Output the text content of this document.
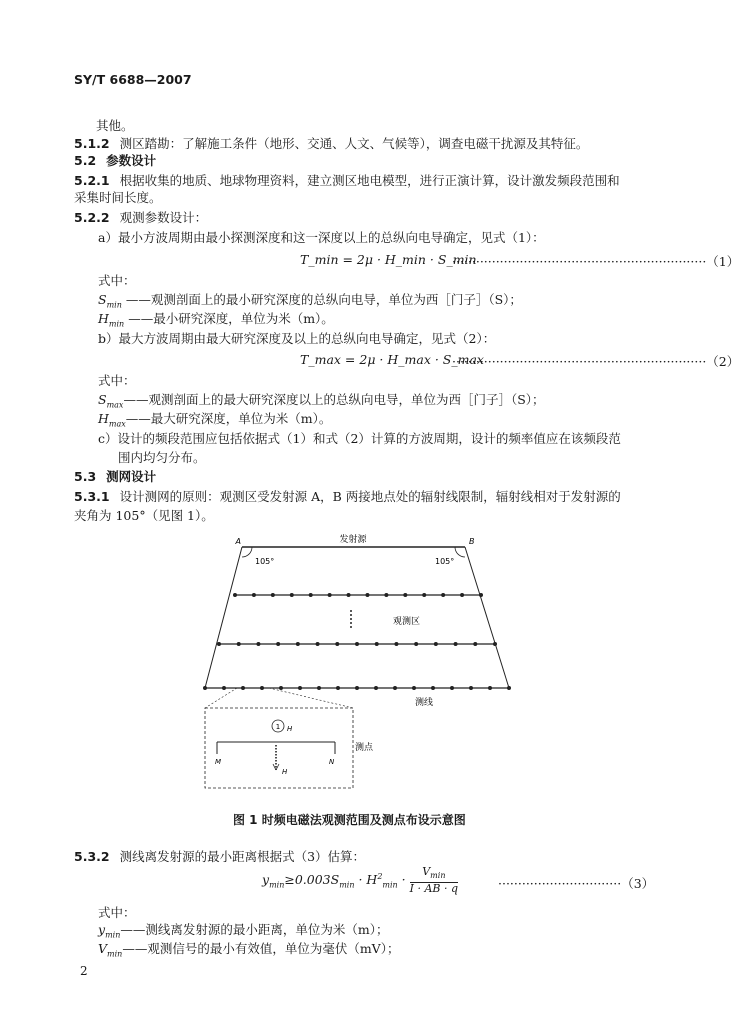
SY/T 6688—2007
其他。
5.1.2 测区踏勘：了解施工条件（地形、交通、人文、气候等），调查电磁干扰源及其特征。
5.2 参数设计
5.2.1 根据收集的地质、地球物理资料，建立测区地电模型，进行正演计算，设计激发频段范围和
采集时间长度。
5.2.2 观测参数设计：
a）最小方波周期由最小探测深度和这一深度以上的总纵向电导确定，见式（1）：
T_min = 2μ · H_min · S_min
································································（1）
式中：
$S_{min}$ ——观测剖面上的最小研究深度的总纵向电导，单位为西［门子］（S）；
$H_{min}$ ——最小研究深度，单位为米（m）。
b）最大方波周期由最大研究深度及以上的总纵向电导确定，见式（2）：
T_max = 2μ · H_max · S_max
································································（2）
式中：
$S_{max}——$观测剖面上的最大研究深度以上的总纵向电导，单位为西［门子］（S）；
$H_{max}——$最大研究深度，单位为米（m）。
c）设计的频段范围应包括依据式（1）和式（2）计算的方波周期，设计的频率值应在该频段范
围内均匀分布。
5.3 测网设计
5.3.1 设计测网的原则：观测区受发射源 A，B 两接地点处的辐射线限制，辐射线相对于发射源的
夹角为 105°（见图 1）。
A	B
发射源
105°	105°
观测区
测线
测点
1 H
M	N
H
图 1 时频电磁法观测范围及测点布设示意图
5.3.2 测线离发射源的最小距离根据式（3）估算：
$y_{min}\ge 0.003S_{min} \cdot H^2_{min} \cdot \frac{V_{min}}{I \cdot AB \cdot q}$	·······························（3）
式中：
$y_{min}——$测线离发射源的最小距离，单位为米（m）；
$V_{min}——$观测信号的最小有效值，单位为毫伏（mV）；
2
